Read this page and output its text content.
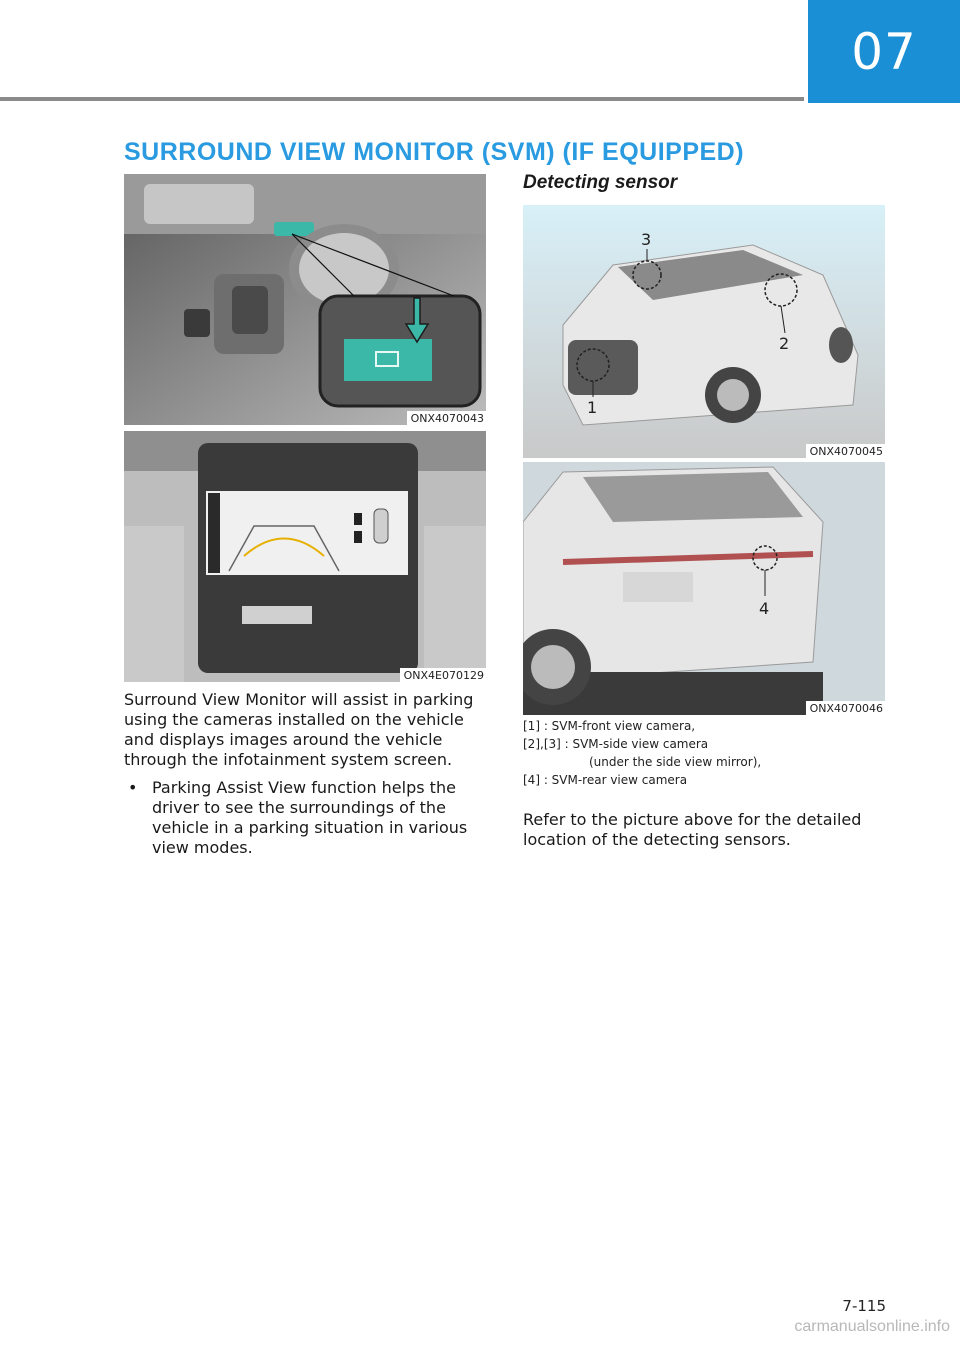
07
SURROUND VIEW MONITOR (SVM) (IF EQUIPPED)
ONX4070043
ONX4E070129

Surround View Monitor will assist in parking using the cameras installed on the vehicle and displays images around the vehicle through the infotainment system screen.

• Parking Assist View function helps the driver to see the surroundings of the vehicle in a parking situation in various view modes.
Detecting sensor
3
2
1
ONX4070045
4
ONX4070046
[1] : SVM-front view camera,
[2],[3] : SVM-side view camera
(under the side view mirror),
[4] : SVM-rear view camera

Refer to the picture above for the detailed location of the detecting sensors.

7-115
carmanualsonline.info
